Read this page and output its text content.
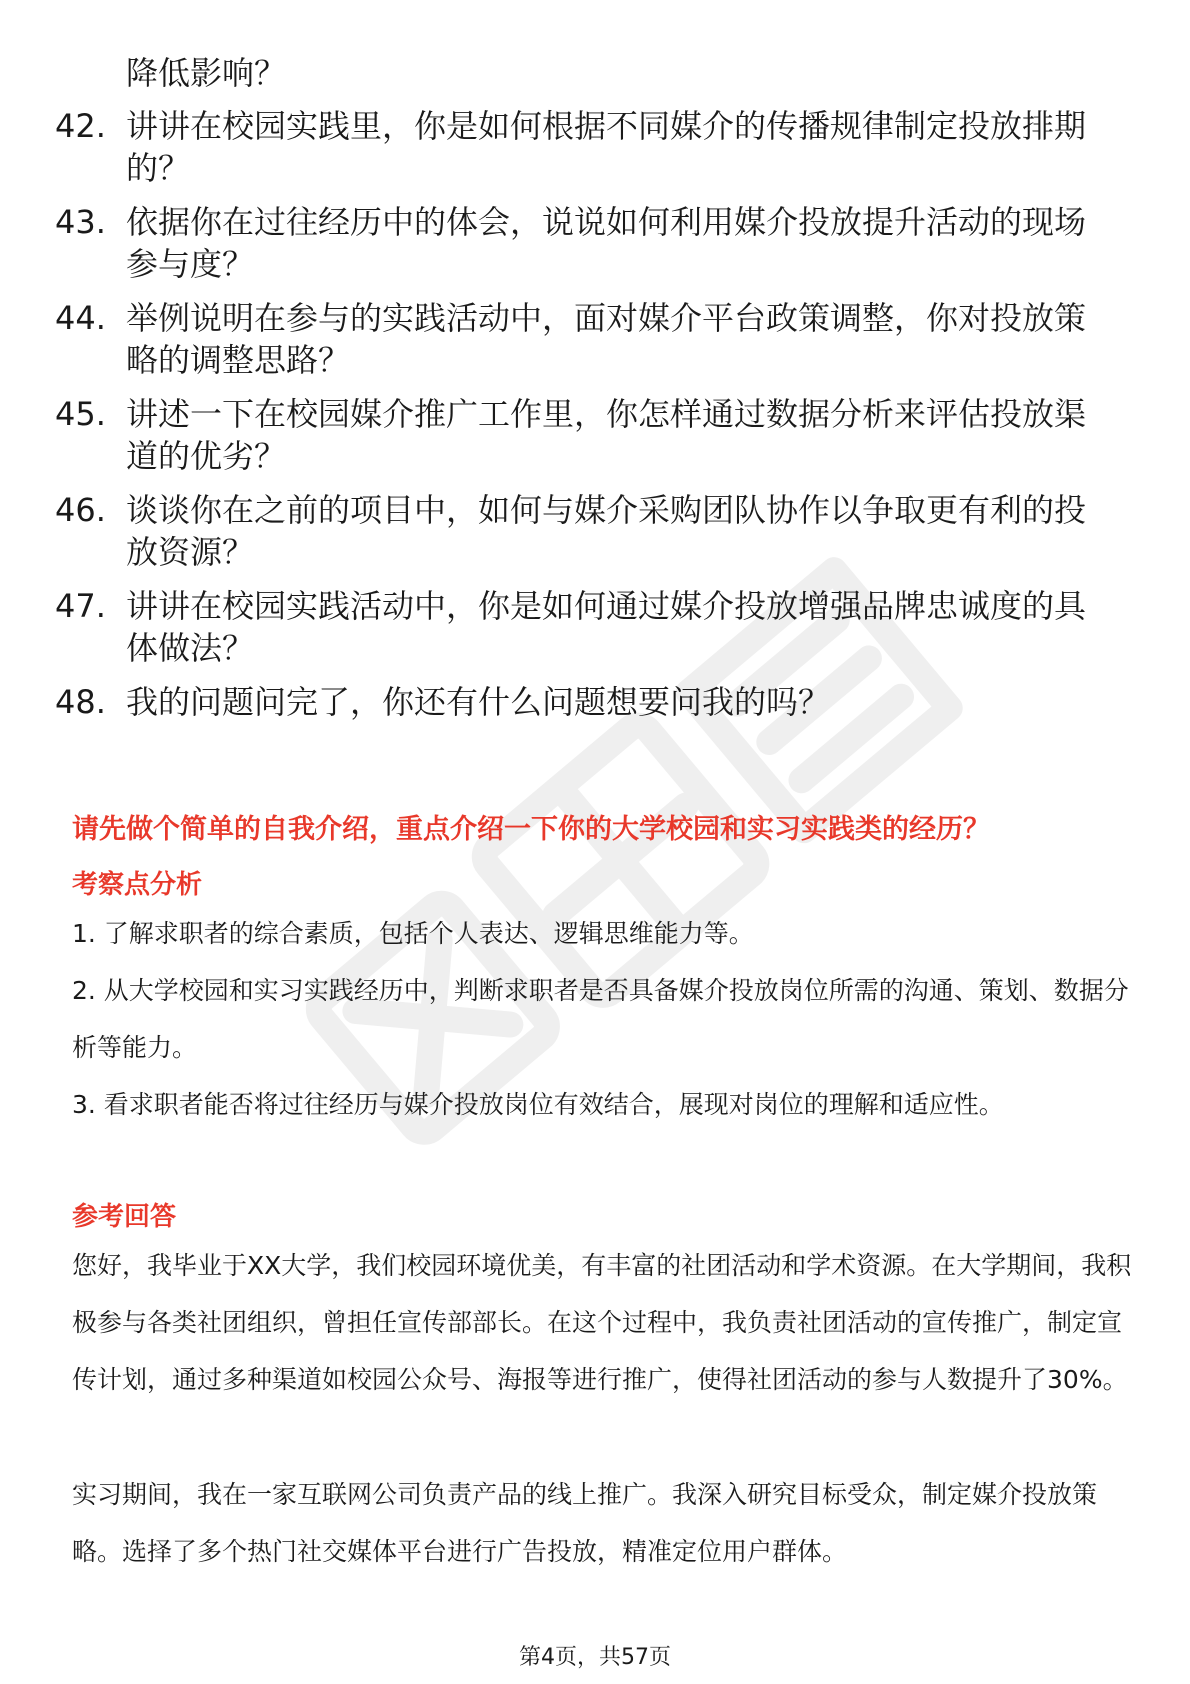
降低影响？

42. 讲讲在校园实践里，你是如何根据不同媒介的传播规律制定投放排期的？

43. 依据你在过往经历中的体会，说说如何利用媒介投放提升活动的现场参与度？

44. 举例说明在参与的实践活动中，面对媒介平台政策调整，你对投放策略的调整思路？

45. 讲述一下在校园媒介推广工作里，你怎样通过数据分析来评估投放渠道的优劣？

46. 谈谈你在之前的项目中，如何与媒介采购团队协作以争取更有利的投放资源？

47. 讲讲在校园实践活动中，你是如何通过媒介投放增强品牌忠诚度的具体做法？

48. 我的问题问完了，你还有什么问题想要问我的吗？

请先做个简单的自我介绍，重点介绍一下你的大学校园和实习实践类的经历？

考察点分析

1. 了解求职者的综合素质，包括个人表达、逻辑思维能力等。

2. 从大学校园和实习实践经历中，判断求职者是否具备媒介投放岗位所需的沟通、策划、数据分析等能力。

3. 看求职者能否将过往经历与媒介投放岗位有效结合，展现对岗位的理解和适应性。

参考回答

您好，我毕业于XX大学，我们校园环境优美，有丰富的社团活动和学术资源。在大学期间，我积极参与各类社团组织，曾担任宣传部部长。在这个过程中，我负责社团活动的宣传推广，制定宣传计划，通过多种渠道如校园公众号、海报等进行推广，使得社团活动的参与人数提升了30%。

实习期间，我在一家互联网公司负责产品的线上推广。我深入研究目标受众，制定媒介投放策略。选择了多个热门社交媒体平台进行广告投放，精准定位用户群体。

第4页，共57页
